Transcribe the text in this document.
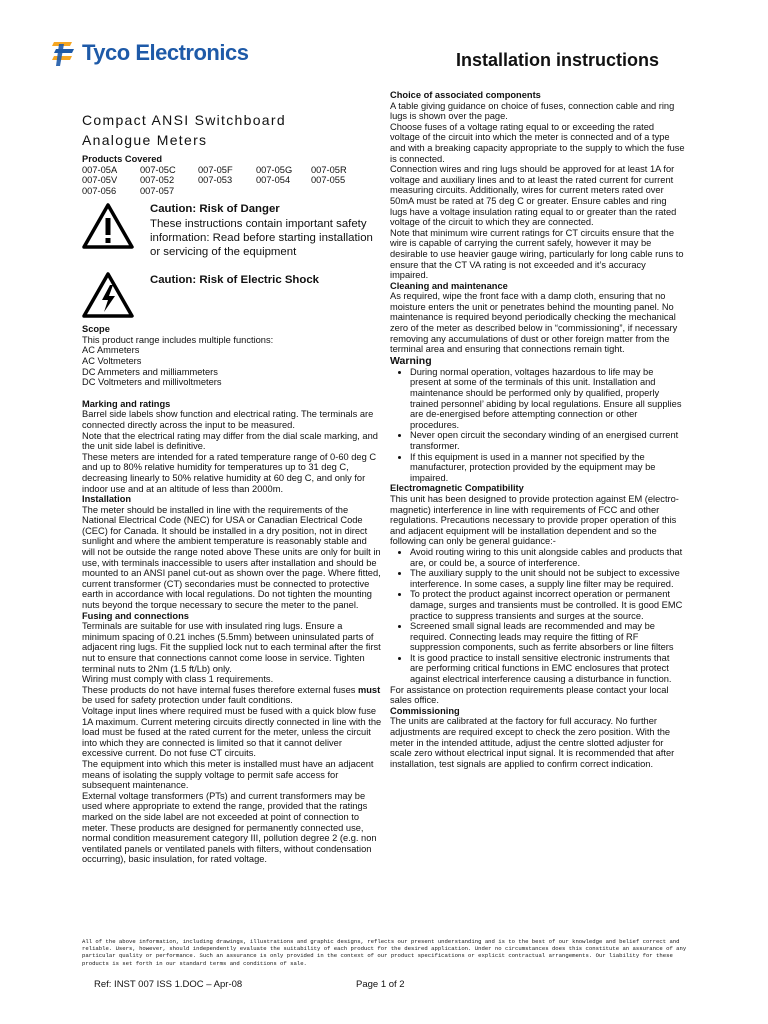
Tyco Electronics	Installation instructions
Compact ANSI Switchboard
Analogue Meters

Products Covered

007-05A	007-05C	007-05F	007-05G	007-05R
007-05V	007-052	007-053	007-054	007-055
007-056	007-057
Caution: Risk of Danger
These instructions contain important safety information: Read before starting installation or servicing of the equipment
Caution: Risk of Electric Shock

Scope

This product range includes multiple functions:

AC Ammeters

AC Voltmeters

DC Ammeters and milliammeters

DC Voltmeters and millivoltmeters

Marking and ratings

Barrel side labels show function and electrical rating. The terminals are connected directly across the input to be measured.
Note that the electrical rating may differ from the dial scale marking, and the unit side label is definitive.
These meters are intended for a rated temperature range of 0-60 deg C and up to 80% relative humidity for temperatures up to 31 deg C, decreasing linearly to 50% relative humidity at 60 deg C, and only for indoor use and at an altitude of less than 2000m.

Installation

The meter should be installed in line with the requirements of the National Electrical Code (NEC) for USA or Canadian Electrical Code (CEC) for Canada. It should be installed in a dry position, not in direct sunlight and where the ambient temperature is reasonably stable and will not be outside the range noted above These units are only for built in use, with terminals inaccessible to users after installation and should be mounted to an ANSI panel cut-out as shown over the page. Where fitted, current transformer (CT) secondaries must be connected to protective earth in accordance with local regulations. Do not tighten the mounting nuts beyond the torque necessary to secure the meter to the panel.

Fusing and connections

Terminals are suitable for use with insulated ring lugs. Ensure a minimum spacing of 0.21 inches (5.5mm) between uninsulated parts of adjacent ring lugs. Fit the supplied lock nut to each terminal after the first nut to ensure that connections cannot come loose in service. Tighten terminal nuts to 2Nm (1.5 ft/Lb) only.
Wiring must comply with class 1 requirements.
These products do not have internal fuses therefore external fuses must be used for safety protection under fault conditions.
Voltage input lines where required must be fused with a quick blow fuse 1A maximum. Current metering circuits directly connected in line with the load must be fused at the rated current for the meter, unless the circuit into which they are connected is limited so that it cannot deliver excessive current. Do not fuse CT circuits.
The equipment into which this meter is installed must have an adjacent means of isolating the supply voltage to permit safe access for subsequent maintenance.
External voltage transformers (PTs) and current transformers may be used where appropriate to extend the range, provided that the ratings marked on the side label are not exceeded at point of connection to meter. These products are designed for permanently connected use, normal condition measurement category III, pollution degree 2 (e.g. non ventilated panels or ventilated panels with filters, without condensation occurring), basic insulation, for rated voltage.

Choice of associated components

A table giving guidance on choice of fuses, connection cable and ring lugs is shown over the page.
Choose fuses of a voltage rating equal to or exceeding the rated voltage of the circuit into which the meter is connected and of a type and with a breaking capacity appropriate to the supply to which the fuse is connected.
Connection wires and ring lugs should be approved for at least 1A for voltage and auxiliary lines and to at least the rated current for current measuring circuits. Additionally, wires for current meters rated over 50mA must be rated at 75 deg C or greater. Ensure cables and ring lugs have a voltage insulation rating equal to or greater than the rated voltage of the circuit to which they are connected.
Note that minimum wire current ratings for CT circuits ensure that the wire is capable of carrying the current safely, however it may be desirable to use heavier gauge wiring, particularly for long cable runs to ensure that the CT VA rating is not exceeded and it’s accuracy impaired.

Cleaning and maintenance

As required, wipe the front face with a damp cloth, ensuring that no moisture enters the unit or penetrates behind the mounting panel. No maintenance is required beyond periodically checking the mechanical zero of the meter as described below in “commissioning”, if necessary removing any accumulations of dust or other foreign matter from the terminal area and ensuring that connections remain tight.

Warning

• During normal operation, voltages hazardous to life may be present at some of the terminals of this unit. Installation and maintenance should be performed only by qualified, properly trained personnel’ abiding by local regulations. Ensure all supplies are de-energised before attempting connection or other procedures.
• Never open circuit the secondary winding of an energised current transformer.
• If this equipment is used in a manner not specified by the manufacturer, protection provided by the equipment may be impaired.

Electromagnetic Compatibility

This unit has been designed to provide protection against EM (electro-magnetic) interference in line with requirements of FCC and other regulations. Precautions necessary to provide proper operation of this and adjacent equipment will be installation dependent and so the following can only be general guidance:-

• Avoid routing wiring to this unit alongside cables and products that are, or could be, a source of interference.
• The auxiliary supply to the unit should not be subject to excessive interference. In some cases, a supply line filter may be required.
• To protect the product against incorrect operation or permanent damage, surges and transients must be controlled. It is good EMC practice to suppress transients and surges at the source.
• Screened small signal leads are recommended and may be required. Connecting leads may require the fitting of RF suppression components, such as ferrite absorbers or line filters
• It is good practice to install sensitive electronic instruments that are performing critical functions in EMC enclosures that protect against electrical interference causing a disturbance in function.

For assistance on protection requirements please contact your local sales office.

Commissioning

The units are calibrated at the factory for full accuracy. No further adjustments are required except to check the zero position. With the meter in the intended attitude, adjust the centre slotted adjuster for scale zero without electrical input signal. It is recommended that after installation, test signals are applied to confirm correct indication.

All of the above information, including drawings, illustrations and graphic designs, reflects our present understanding and is to the best of our knowledge and belief correct and reliable. Users, however, should independently evaluate the suitability of each product for the desired application. Under no circumstances does this constitute an assurance of any particular quality or performance. Such an assurance is only provided in the context of our product specifications or explicit contractual arrangements. Our liability for these products is set forth in our standard terms and conditions of sale.
Ref: INST 007 ISS 1.DOC – Apr-08	Page 1 of 2
